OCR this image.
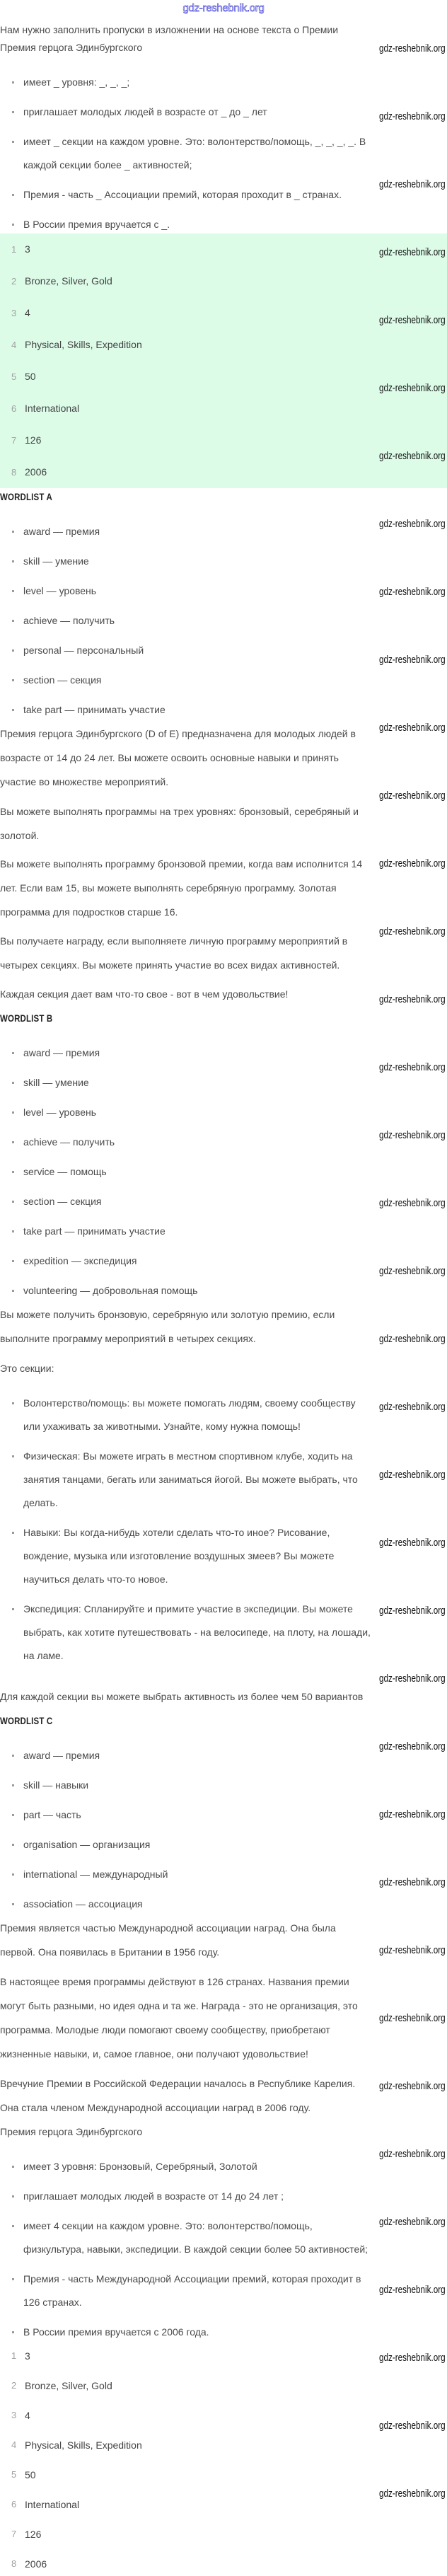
gdz-reshebnik.org

Нам нужно заполнить пропуски в изложнении на основе текста о Премии

Премия герцога Эдинбургского

имеет _ уровня: _, _, _;
приглашает молодых людей в возрасте от _ до _ лет
имеет _ секции на каждом уровне. Это: волонтерство/помощь, _, _, _, _. В каждой секции более _ активностей;
Премия - часть _ Ассоциации премий, которая проходит в _ странах.
В России премия вручается с _.
1 3
2 Bronze, Silver, Gold
3 4
4 Physical, Skills, Expedition
5 50
6 International
7 126
8 2006
WORDLIST A
award — премия
skill — умение
level — уровень
achieve — получить
personal — персональный
section — секция
take part — принимать участие

Премия герцога Эдинбургского (D of E) предназначена для молодых людей в возрасте от 14 до 24 лет. Вы можете освоить основные навыки и принять участие во множестве мероприятий.

Вы можете выполнять программы на трех уровнях: бронзовый, серебряный и золотой.

Вы можете выполнять программу бронзовой премии, когда вам исполнится 14 лет. Если вам 15, вы можете выполнять серебряную программу. Золотая программа для подростков старше 16.

Вы получаете награду, если выполняете личную программу мероприятий в четырех секциях. Вы можете принять участие во всех видах активностей.

Каждая секция дает вам что-то свое - вот в чем удовольствие!

WORDLIST B
award — премия
skill — умение
level — уровень
achieve — получить
service — помощь
section — секция
take part — принимать участие
expedition — экспедиция
volunteering — добровольная помощь

Вы можете получить бронзовую, серебряную или золотую премию, если выполните программу мероприятий в четырех секциях.

Это секции:

Волонтерство/помощь: вы можете помогать людям, своему сообществу или ухаживать за животными. Узнайте, кому нужна помощь!
Физическая: Вы можете играть в местном спортивном клубе, ходить на занятия танцами, бегать или заниматься йогой. Вы можете выбрать, что делать.
Навыки: Вы когда-нибудь хотели сделать что-то иное? Рисование, вождение, музыка или изготовление воздушных змеев? Вы можете научиться делать что-то новое.
Экспедиция: Спланируйте и примите участие в экспедиции. Вы можете выбрать, как хотите путешествовать - на велосипеде, на плоту, на лошади, на ламе.

Для каждой секции вы можете выбрать активность из более чем 50 вариантов

WORDLIST C
award — премия
skill — навыки
part — часть
organisation — организация
international — международный
association — ассоциация

Премия является частью Международной ассоциации наград. Она была первой. Она появилась в Британии в 1956 году.

В настоящее время программы действуют в 126 странах. Названия премии могут быть разными, но идея одна и та же. Награда - это не организация, это программа. Молодые люди помогают своему сообществу, приобретают жизненные навыки, и, самое главное, они получают удовольствие!

Вречуние Премии в Российской Федерации началось в Республике Карелия.

Она стала членом Международной ассоциации наград в 2006 году.

Премия герцога Эдинбургского

имеет 3 уровня: Бронзовый, Серебряный, Золотой
приглашает молодых людей в возрасте от 14 до 24 лет ;
имеет 4 секции на каждом уровне. Это: волонтерство/помощь, физкультура, навыки, экспедиции. В каждой секции более 50 активностей;
Премия - часть Международной Ассоциации премий, которая проходит в 126 странах.
В России премия вручается с 2006 года.
1 3
2 Bronze, Silver, Gold
3 4
4 Physical, Skills, Expedition
5 50
6 International
7 126
8 2006
gdz-reshebnik.org
gdz-reshebnik.org
gdz-reshebnik.org
gdz-reshebnik.org
gdz-reshebnik.org
gdz-reshebnik.org
gdz-reshebnik.org
gdz-reshebnik.org
gdz-reshebnik.org
gdz-reshebnik.org
gdz-reshebnik.org
gdz-reshebnik.org
gdz-reshebnik.org
gdz-reshebnik.org
gdz-reshebnik.org
gdz-reshebnik.org
gdz-reshebnik.org
gdz-reshebnik.org
gdz-reshebnik.org
gdz-reshebnik.org
gdz-reshebnik.org
gdz-reshebnik.org
gdz-reshebnik.org
gdz-reshebnik.org
gdz-reshebnik.org
gdz-reshebnik.org
gdz-reshebnik.org
gdz-reshebnik.org
gdz-reshebnik.org
gdz-reshebnik.org
gdz-reshebnik.org
gdz-reshebnik.org
gdz-reshebnik.org
gdz-reshebnik.org
gdz-reshebnik.org
gdz-reshebnik.org
gdz-reshebnik.org
